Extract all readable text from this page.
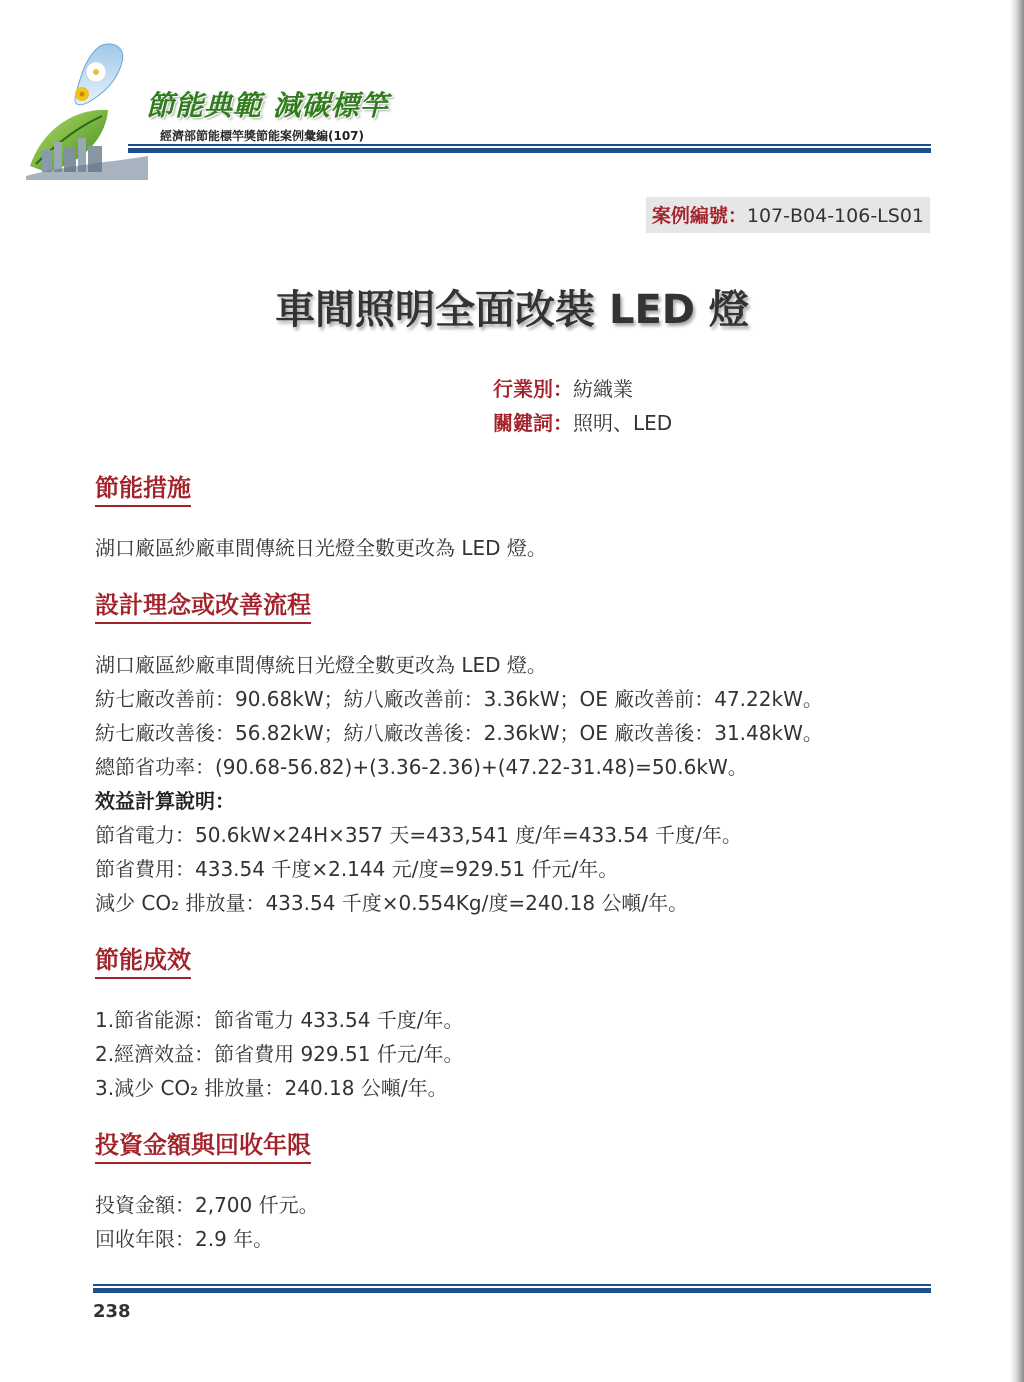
節能典範 減碳標竿
經濟部節能標竿獎節能案例彙編(107)
案例編號：107-B04-106-LS01
車間照明全面改裝 LED 燈
行業別：紡織業
關鍵詞：照明、LED
節能措施
湖口廠區紗廠車間傳統日光燈全數更改為 LED 燈。
設計理念或改善流程
湖口廠區紗廠車間傳統日光燈全數更改為 LED 燈。
紡七廠改善前：90.68kW；紡八廠改善前：3.36kW；OE 廠改善前：47.22kW。
紡七廠改善後：56.82kW；紡八廠改善後：2.36kW；OE 廠改善後：31.48kW。
總節省功率：(90.68-56.82)+(3.36-2.36)+(47.22-31.48)=50.6kW。
效益計算說明：
節省電力：50.6kW×24H×357 天=433,541 度/年=433.54 千度/年。
節省費用：433.54 千度×2.144 元/度=929.51 仟元/年。
減少 CO₂ 排放量：433.54 千度×0.554Kg/度=240.18 公噸/年。
節能成效
1.節省能源：節省電力 433.54 千度/年。
2.經濟效益：節省費用 929.51 仟元/年。
3.減少 CO₂ 排放量：240.18 公噸/年。
投資金額與回收年限
投資金額：2,700 仟元。
回收年限：2.9 年。
238
